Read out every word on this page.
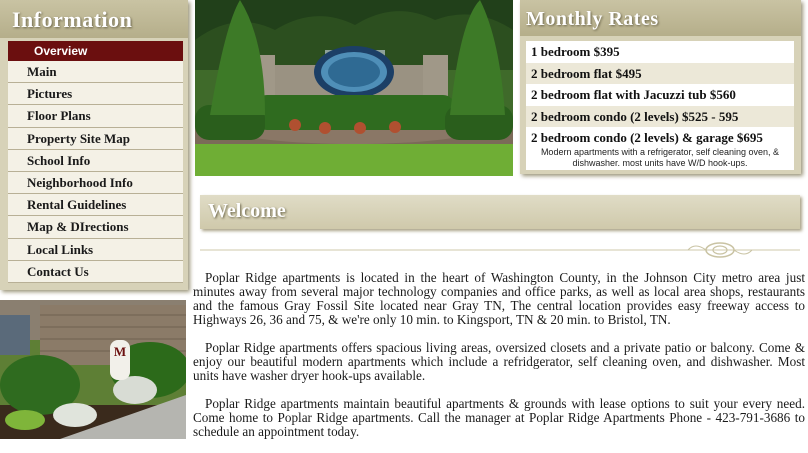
Information
Overview
Main
Pictures
Floor Plans
Property Site Map
School Info
Neighborhood Info
Rental Guidelines
Map & DIrections
Local Links
Contact Us
Monthly Rates
1 bedroom $395
2 bedroom flat $495
2 bedroom flat with Jacuzzi tub $560
2 bedroom condo (2 levels) $525 - 595
2 bedroom condo (2 levels) & garage $695
Modern apartments with a refrigerator, self cleaning oven, & dishwasher. most units have W/D hook-ups.
M
Welcome

Poplar Ridge apartments is located in the heart of Washington County, in the Johnson City metro area just minutes away from several major technology companies and office parks, as well as local area shops, restaurants and the famous Gray Fossil Site located near Gray TN, The central location provides easy freeway access to Highways 26, 36 and 75, & we're only 10 min. to Kingsport, TN & 20 min. to Bristol, TN.

Poplar Ridge apartments offers spacious living areas, oversized closets and a private patio or balcony. Come & enjoy our beautiful modern apartments which include a refridgerator, self cleaning oven, and dishwasher. Most units have washer dryer hook-ups available.

Poplar Ridge apartments maintain beautiful apartments & grounds with lease options to suit your every need. Come home to Poplar Ridge apartments. Call the manager at Poplar Ridge Apartments Phone - 423-791-3686 to schedule an appointment today.
